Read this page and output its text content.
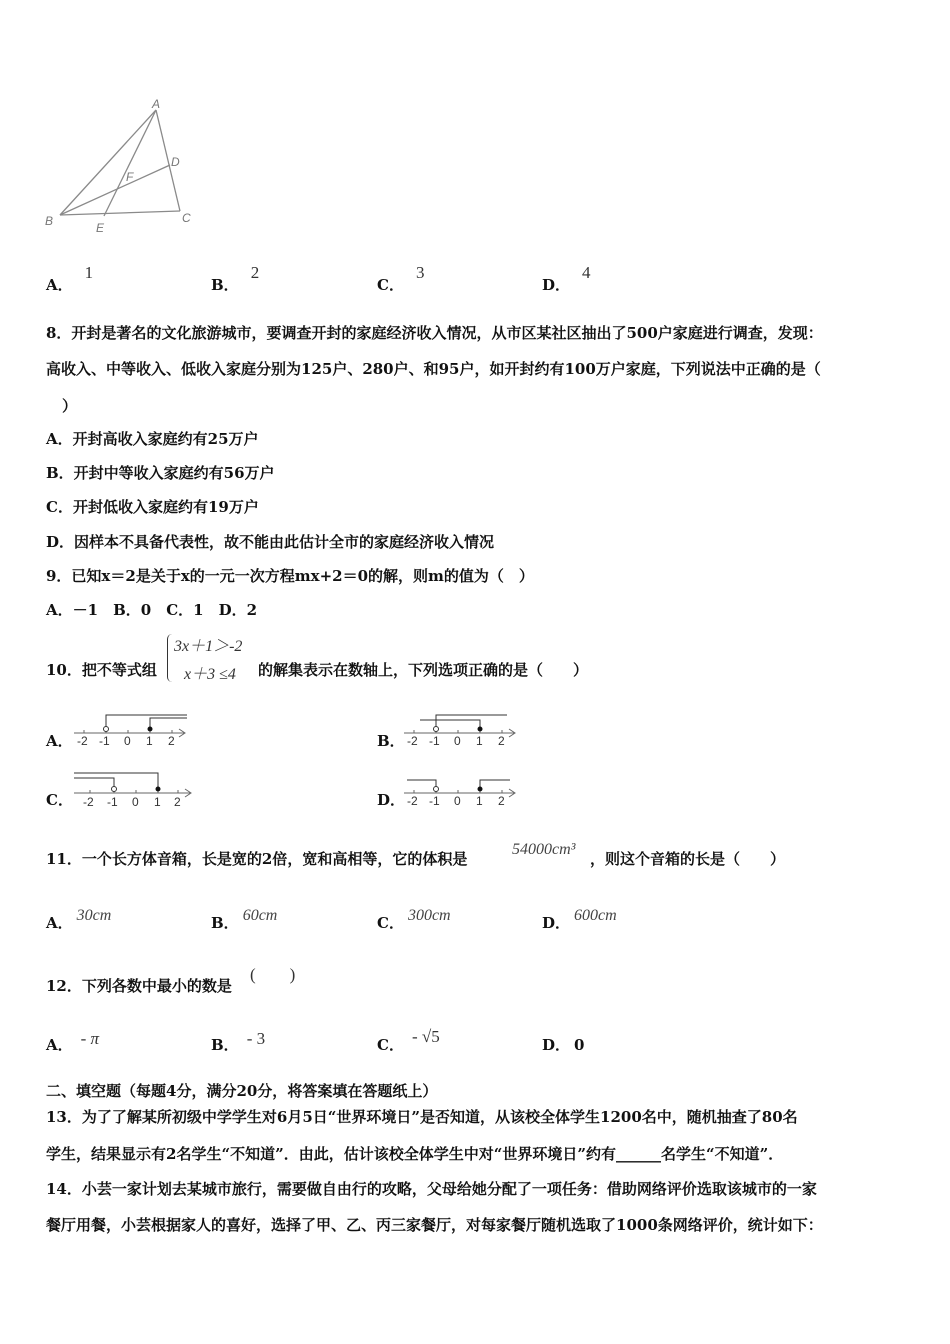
A
B	C
D
E
F
A．1
B．2
C．3
D．4
8．开封是著名的文化旅游城市，要调查开封的家庭经济收入情况，从市区某社区抽出了500户家庭进行调查，发现：
高收入、中等收入、低收入家庭分别为125户、280户、和95户，如开封约有100万户家庭，下列说法中正确的是（
）
A．开封高收入家庭约有25万户
B．开封中等收入家庭约有56万户
C．开封低收入家庭约有19万户
D．因样本不具备代表性，故不能由此估计全市的家庭经济收入情况
9．已知x＝2是关于x的一元一次方程mx+2＝0的解，则m的值为（　）
A．－1　B．0　C．1　D．2
10．把不等式组
3x＋1＞-2
x＋3 ≤4 的解集表示在数轴上，下列选项正确的是（　　）
A． -2 -1 0 1 2	B． -2 -1 0 1 2
C． -2 -1 0 1 2	D． -2 -1 0 1 2
11．一个长方体音箱，长是宽的2倍，宽和高相等，它的体积是
54000cm³
，则这个音箱的长是（　　）
A． 30cm	B． 60cm	C． 300cm	D． 600cm
12．下列各数中最小的数是
(　　)
A． - π	B． - 3	C． - √5	D． 0
二、填空题（每题4分，满分20分，将答案填在答题纸上）
13．为了了解某所初级中学学生对6月5日“世界环境日”是否知道，从该校全体学生1200名中，随机抽查了80名
学生，结果显示有2名学生“不知道”．由此，估计该校全体学生中对“世界环境日”约有______名学生“不知道”．
14．小芸一家计划去某城市旅行，需要做自由行的攻略，父母给她分配了一项任务：借助网络评价选取该城市的一家
餐厅用餐，小芸根据家人的喜好，选择了甲、乙、丙三家餐厅，对每家餐厅随机选取了1000条网络评价，统计如下：
